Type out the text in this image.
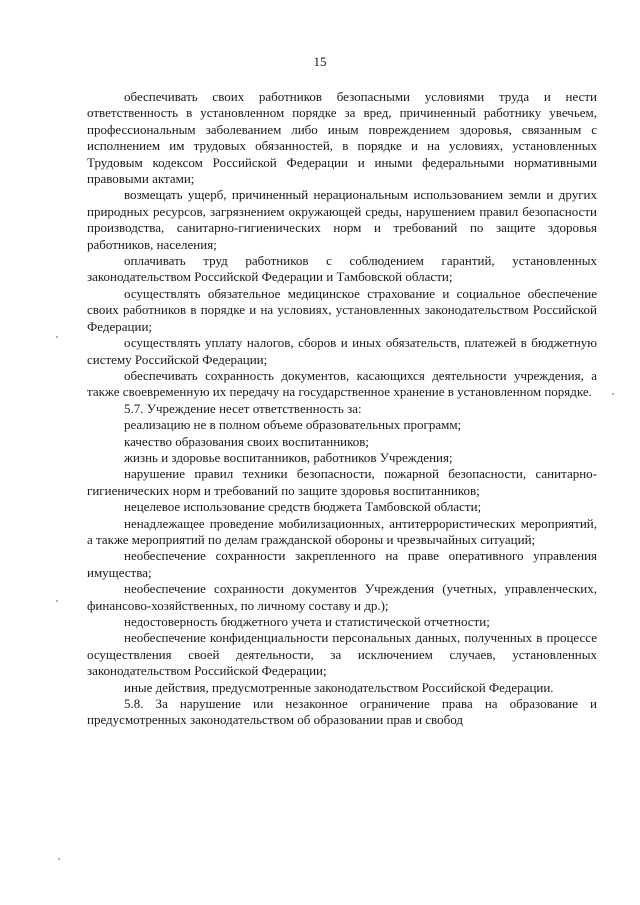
15

обеспечивать своих работников безопасными условиями труда и нести ответственность в установленном порядке за вред, причиненный работнику увечьем, профессиональным заболеванием либо иным повреждением здоровья, связанным с исполнением им трудовых обязанностей, в порядке и на условиях, установленных Трудовым кодексом Российской Федерации и иными федеральными нормативными правовыми актами;

возмещать ущерб, причиненный нерациональным использованием земли и других природных ресурсов, загрязнением окружающей среды, нарушением правил безопасности производства, санитарно-гигиенических норм и требований по защите здоровья работников, населения;

оплачивать труд работников с соблюдением гарантий, установленных законодательством Российской Федерации и Тамбовской области;

осуществлять обязательное медицинское страхование и социальное обеспечение своих работников в порядке и на условиях, установленных законодательством Российской Федерации;

осуществлять уплату налогов, сборов и иных обязательств, платежей в бюджетную систему Российской Федерации;

обеспечивать сохранность документов, касающихся деятельности учреждения, а также своевременную их передачу на государственное хранение в установленном порядке.

5.7. Учреждение несет ответственность за:

реализацию не в полном объеме образовательных программ;

качество образования своих воспитанников;

жизнь и здоровье воспитанников, работников Учреждения;

нарушение правил техники безопасности, пожарной безопасности, санитарно-гигиенических норм и требований по защите здоровья воспитанников;

нецелевое использование средств бюджета Тамбовской области;

ненадлежащее проведение мобилизационных, антитеррористических мероприятий, а также мероприятий по делам гражданской обороны и чрезвычайных ситуаций;

необеспечение сохранности закрепленного на праве оперативного управления имущества;

необеспечение сохранности документов Учреждения (учетных, управленческих, финансово-хозяйственных, по личному составу и др.);

недостоверность бюджетного учета и статистической отчетности;

необеспечение конфиденциальности персональных данных, полученных в процессе осуществления своей деятельности, за исключением случаев, установленных законодательством Российской Федерации;

иные действия, предусмотренные законодательством Российской Федерации.

5.8. За нарушение или незаконное ограничение права на образование и предусмотренных законодательством об образовании прав и свобод
